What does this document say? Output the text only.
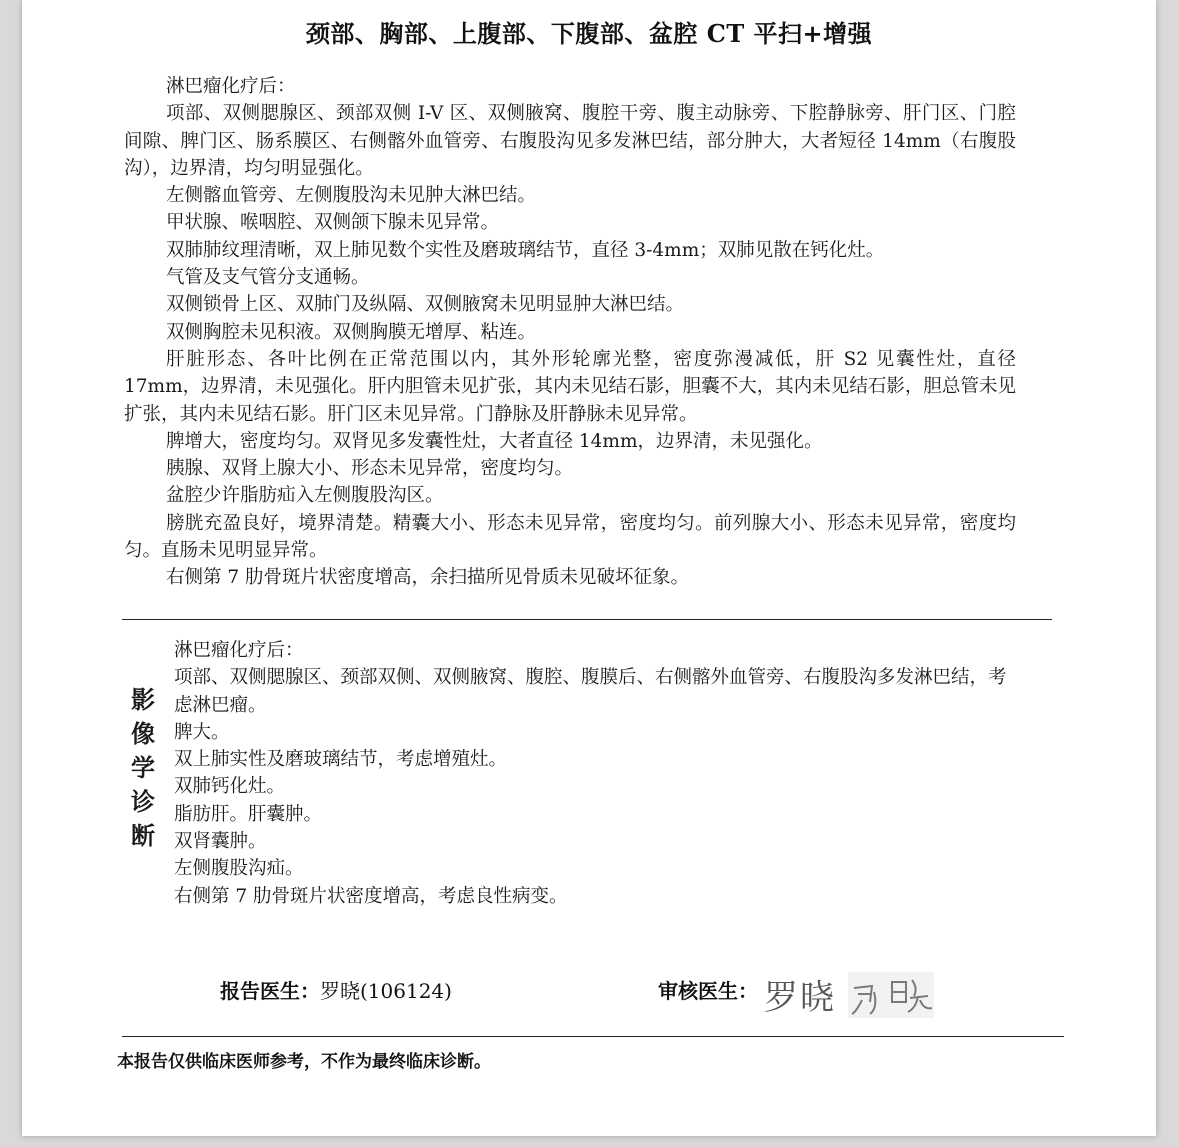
颈部、胸部、上腹部、下腹部、盆腔 CT 平扫+增强

淋巴瘤化疗后：

项部、双侧腮腺区、颈部双侧 I-V 区、双侧腋窝、腹腔干旁、腹主动脉旁、下腔静脉旁、肝门区、门腔间隙、脾门区、肠系膜区、右侧髂外血管旁、右腹股沟见多发淋巴结，部分肿大，大者短径 14mm（右腹股沟），边界清，均匀明显强化。

左侧髂血管旁、左侧腹股沟未见肿大淋巴结。

甲状腺、喉咽腔、双侧颌下腺未见异常。

双肺肺纹理清晰，双上肺见数个实性及磨玻璃结节，直径 3-4mm；双肺见散在钙化灶。

气管及支气管分支通畅。

双侧锁骨上区、双肺门及纵隔、双侧腋窝未见明显肿大淋巴结。

双侧胸腔未见积液。双侧胸膜无增厚、粘连。

肝脏形态、各叶比例在正常范围以内，其外形轮廓光整，密度弥漫减低，肝 S2 见囊性灶，直径 17mm，边界清，未见强化。肝内胆管未见扩张，其内未见结石影，胆囊不大，其内未见结石影，胆总管未见扩张，其内未见结石影。肝门区未见异常。门静脉及肝静脉未见异常。

脾增大，密度均匀。双肾见多发囊性灶，大者直径 14mm，边界清，未见强化。

胰腺、双肾上腺大小、形态未见异常，密度均匀。

盆腔少许脂肪疝入左侧腹股沟区。

膀胱充盈良好，境界清楚。精囊大小、形态未见异常，密度均匀。前列腺大小、形态未见异常，密度均匀。直肠未见明显异常。

右侧第 7 肋骨斑片状密度增高，余扫描所见骨质未见破坏征象。

影
像
学
诊
断

淋巴瘤化疗后：

项部、双侧腮腺区、颈部双侧、双侧腋窝、腹腔、腹膜后、右侧髂外血管旁、右腹股沟多发淋巴结，考虑淋巴瘤。

脾大。

双上肺实性及磨玻璃结节，考虑增殖灶。

双肺钙化灶。

脂肪肝。肝囊肿。

双肾囊肿。

左侧腹股沟疝。

右侧第 7 肋骨斑片状密度增高，考虑良性病变。

报告医生：罗晓(106124)	审核医生： 罗晓
本报告仅供临床医师参考，不作为最终临床诊断。
